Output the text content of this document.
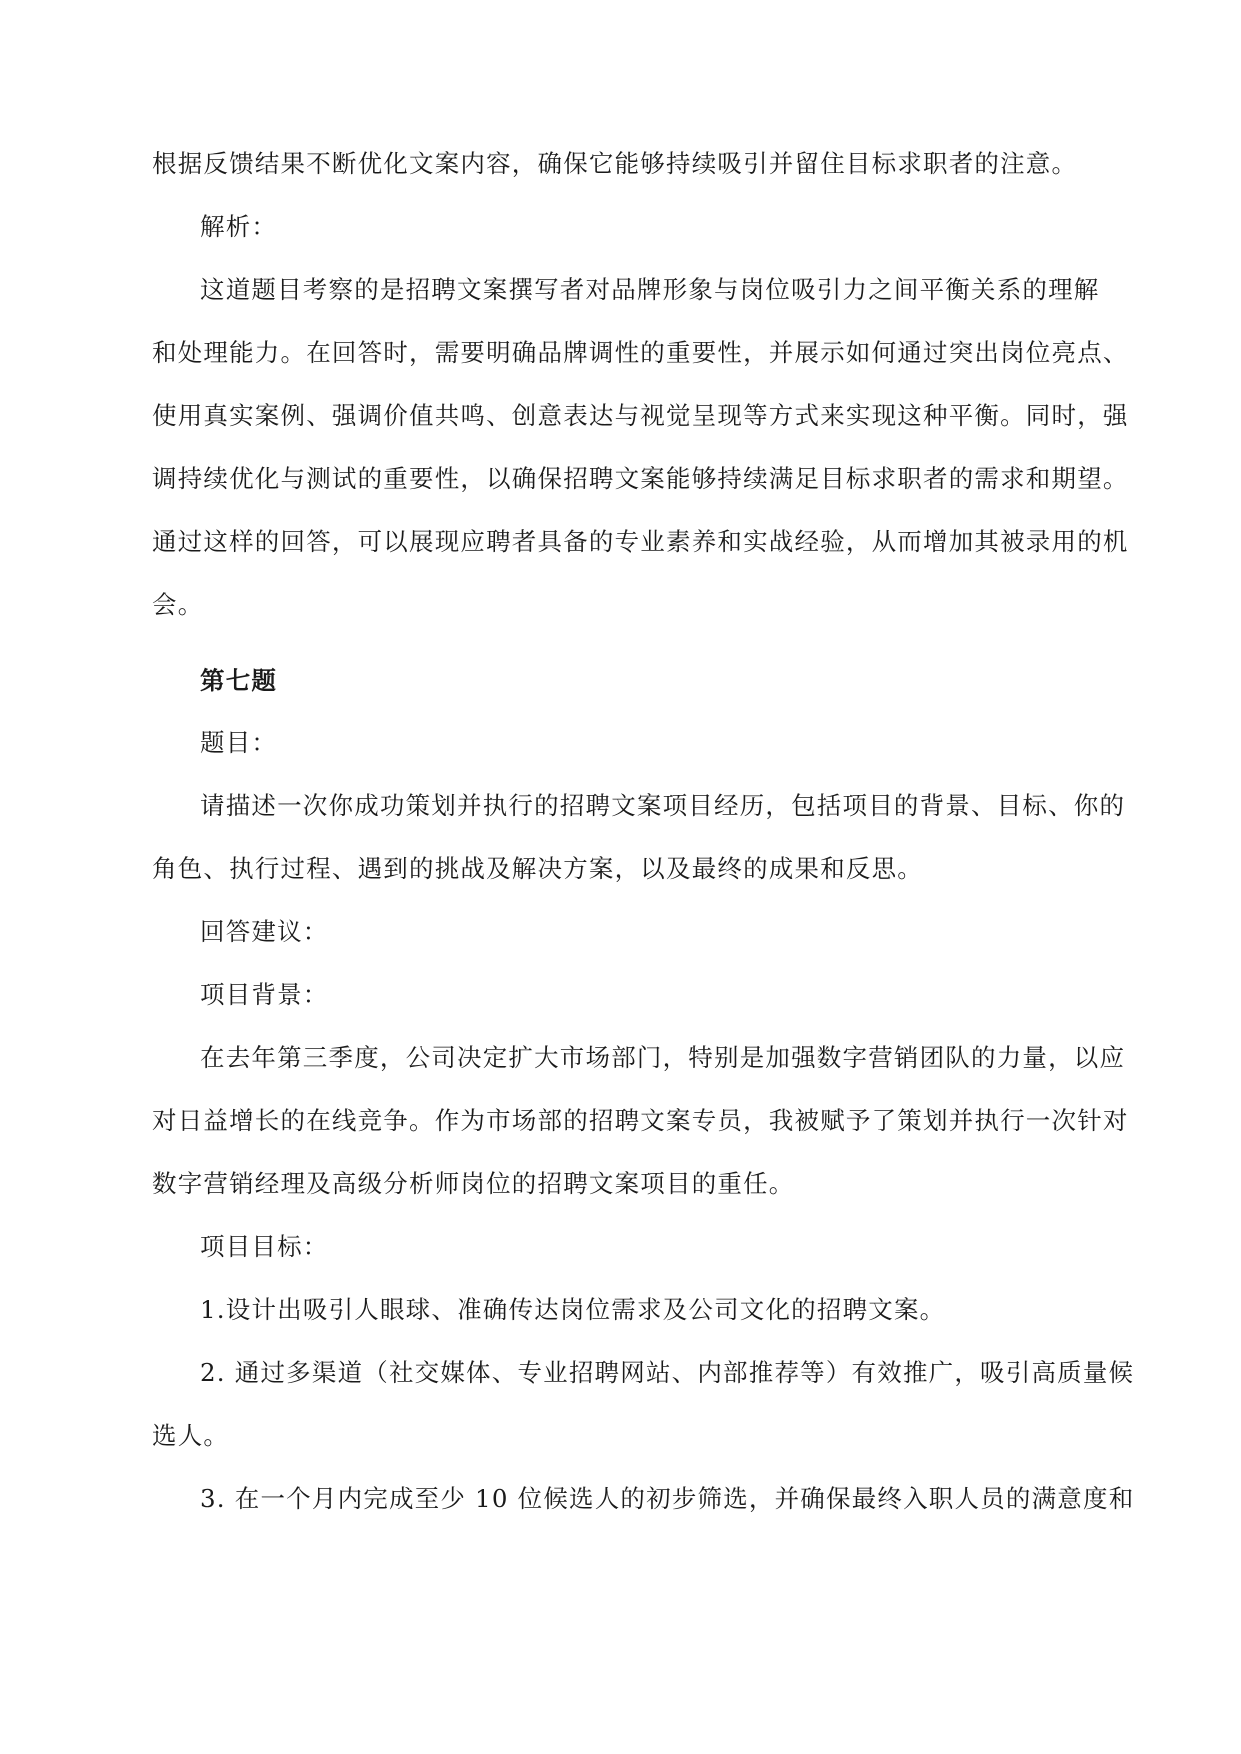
根据反馈结果不断优化文案内容，确保它能够持续吸引并留住目标求职者的注意。
解析：
这道题目考察的是招聘文案撰写者对品牌形象与岗位吸引力之间平衡关系的理解
和处理能力。在回答时，需要明确品牌调性的重要性，并展示如何通过突出岗位亮点、
使用真实案例、强调价值共鸣、创意表达与视觉呈现等方式来实现这种平衡。同时，强
调持续优化与测试的重要性，以确保招聘文案能够持续满足目标求职者的需求和期望。
通过这样的回答，可以展现应聘者具备的专业素养和实战经验，从而增加其被录用的机
会。
第七题
题目：
请描述一次你成功策划并执行的招聘文案项目经历，包括项目的背景、目标、你的
角色、执行过程、遇到的挑战及解决方案，以及最终的成果和反思。
回答建议：
项目背景：
在去年第三季度，公司决定扩大市场部门，特别是加强数字营销团队的力量，以应
对日益增长的在线竞争。作为市场部的招聘文案专员，我被赋予了策划并执行一次针对
数字营销经理及高级分析师岗位的招聘文案项目的重任。
项目目标：
1.设计出吸引人眼球、准确传达岗位需求及公司文化的招聘文案。
2. 通过多渠道（社交媒体、专业招聘网站、内部推荐等）有效推广，吸引高质量候
选人。
3. 在一个月内完成至少 10 位候选人的初步筛选，并确保最终入职人员的满意度和
